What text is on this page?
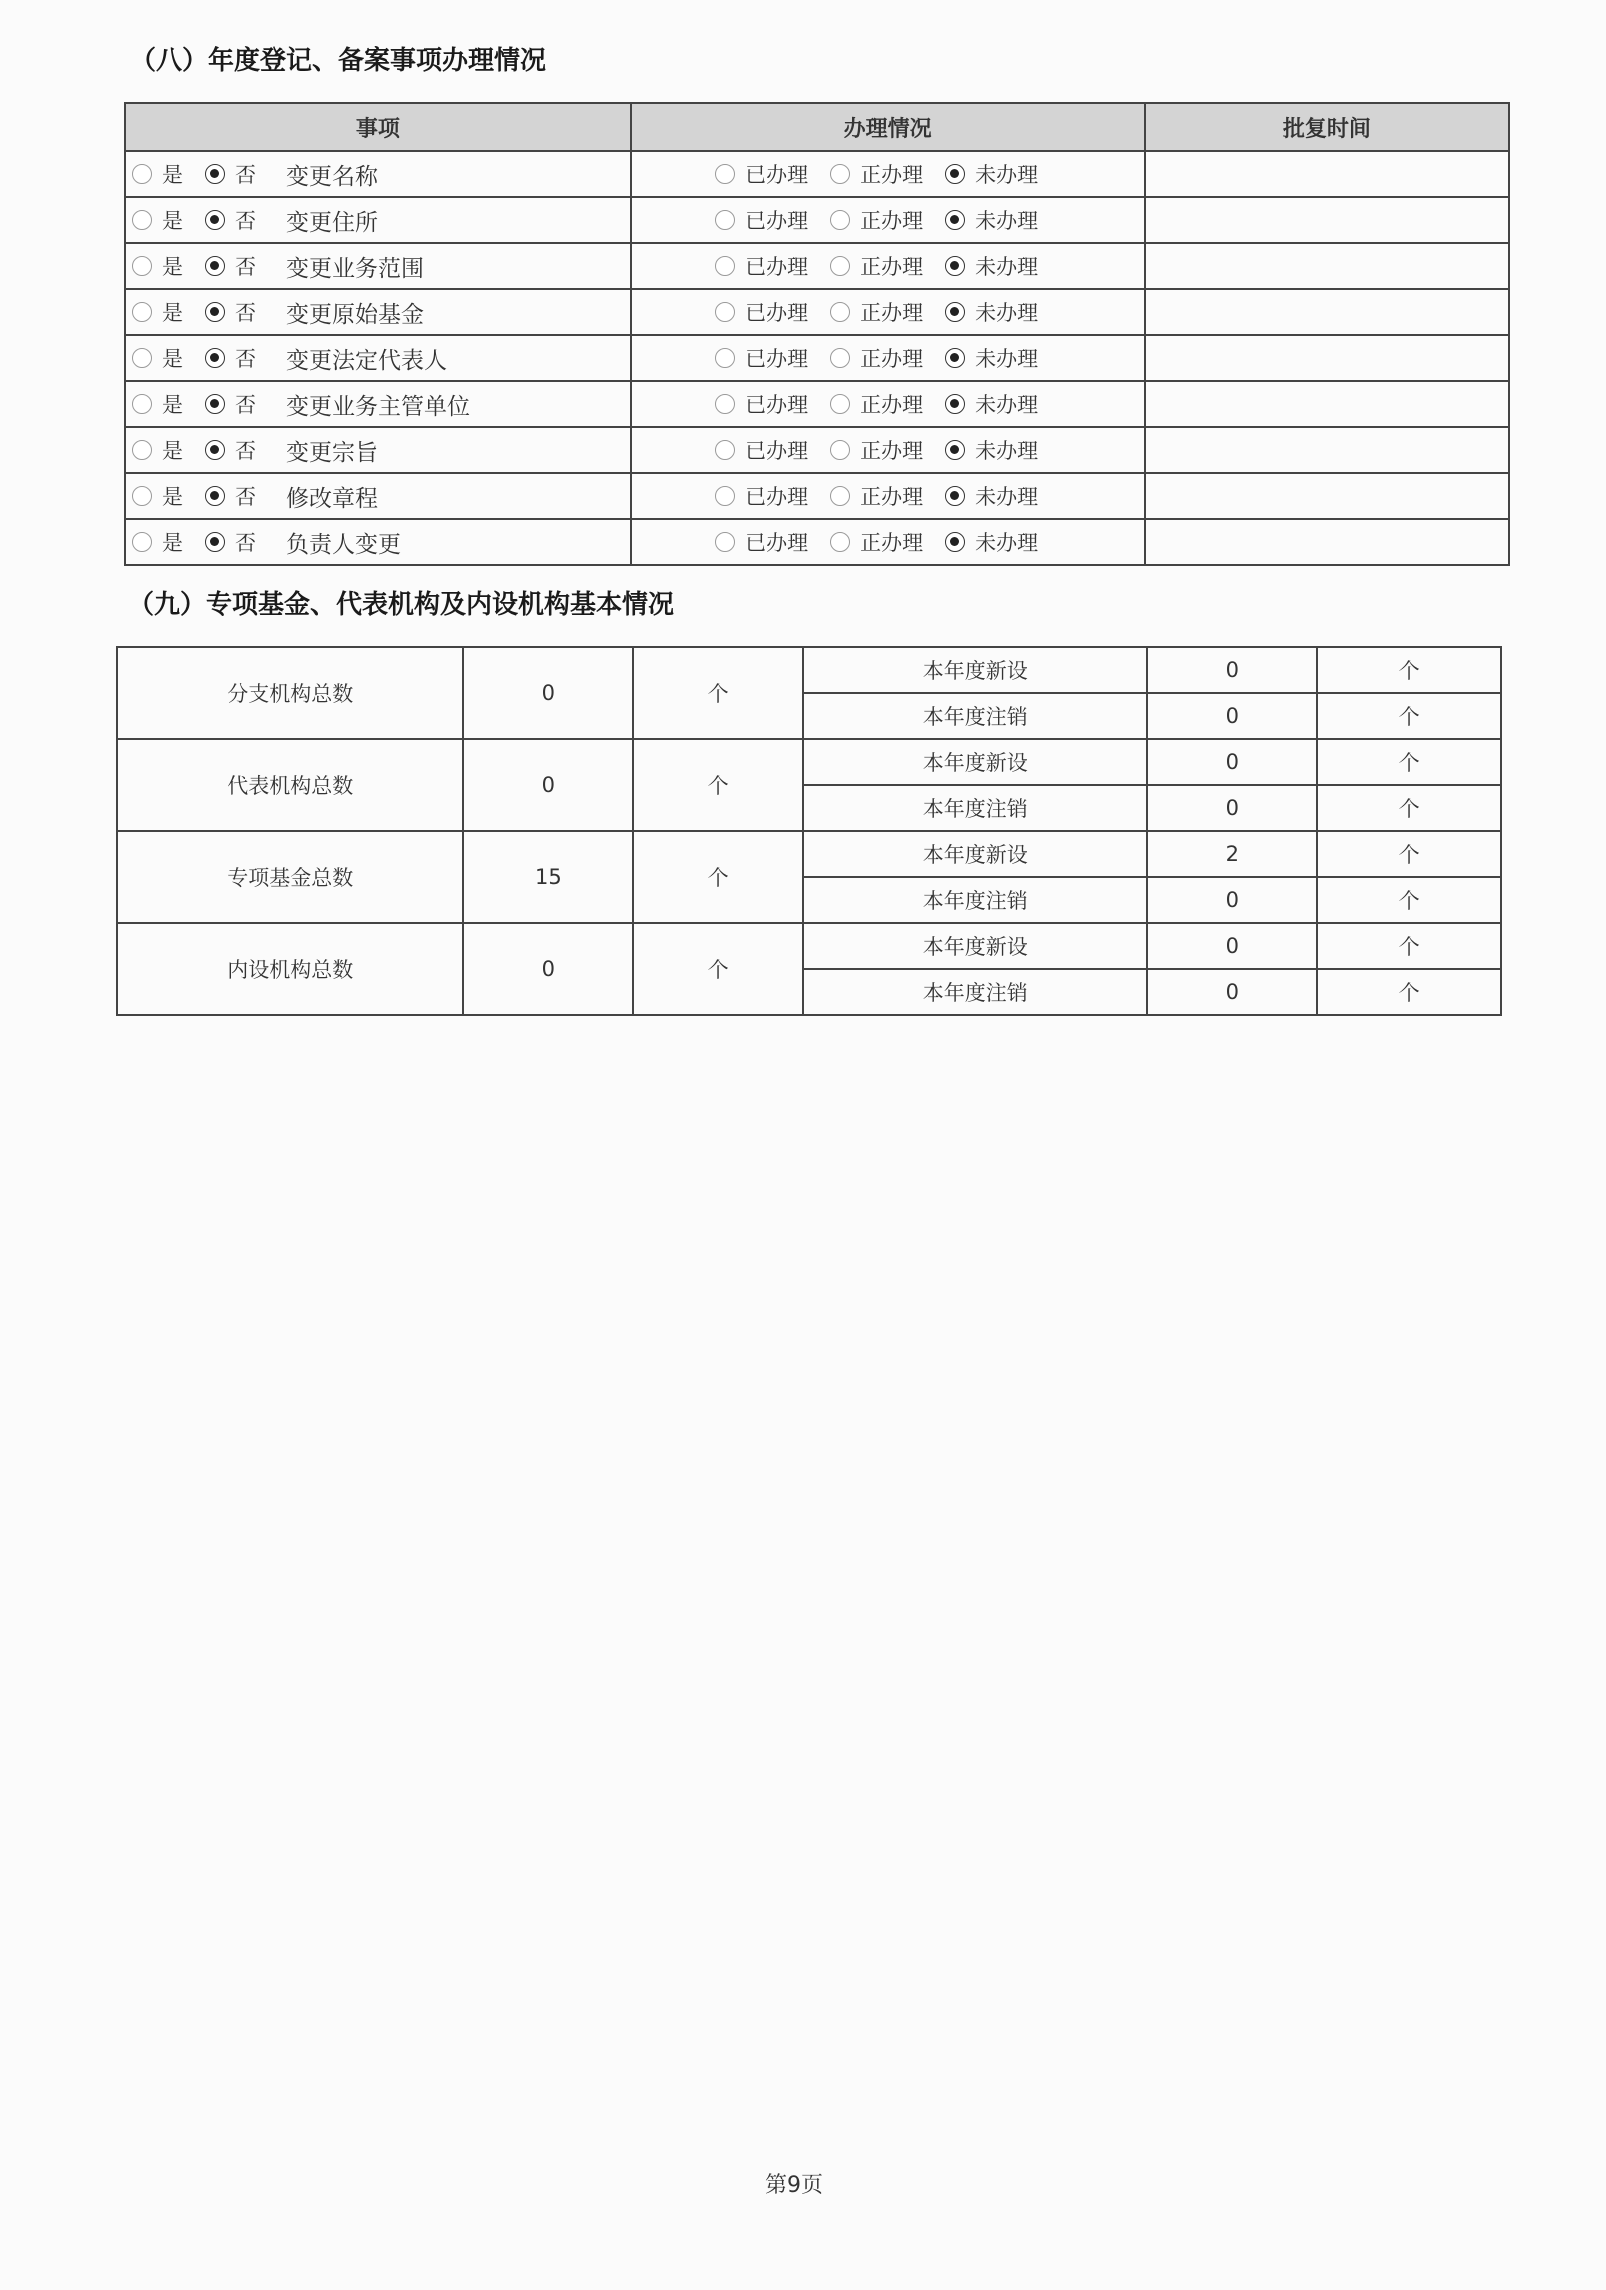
（八）年度登记、备案事项办理情况
事项	办理情况	批复时间
是 否 变更名称	已办理 正办理 未办理	
是 否 变更住所	已办理 正办理 未办理	
是 否 变更业务范围	已办理 正办理 未办理	
是 否 变更原始基金	已办理 正办理 未办理	
是 否 变更法定代表人	已办理 正办理 未办理	
是 否 变更业务主管单位	已办理 正办理 未办理	
是 否 变更宗旨	已办理 正办理 未办理	
是 否 修改章程	已办理 正办理 未办理	
是 否 负责人变更	已办理 正办理 未办理	
（九）专项基金、代表机构及内设机构基本情况
分支机构总数	0	个	本年度新设	0	个
			本年度注销	0	个
代表机构总数	0	个	本年度新设	0	个
			本年度注销	0	个
专项基金总数	15	个	本年度新设	2	个
			本年度注销	0	个
内设机构总数	0	个	本年度新设	0	个
			本年度注销	0	个
第9页
